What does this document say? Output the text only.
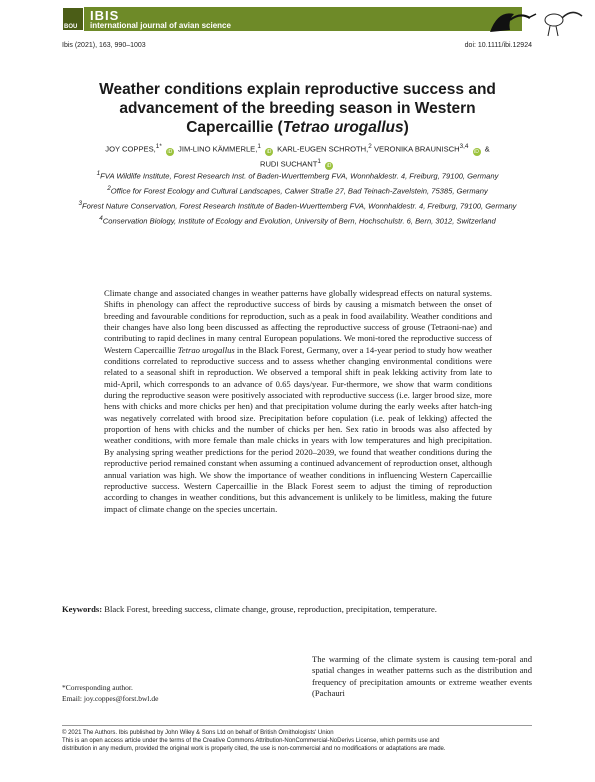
BOU
IBIS
international journal of avian science
Ibis (2021), 163, 990–1003	doi: 10.1111/ibi.12924
Weather conditions explain reproductive success and
advancement of the breeding season in Western
Capercaillie (Tetrao urogallus)
JOY COPPES,$^{1*}$ iD JIM-LINO KÄMMERLE,$^1$ iD KARL-EUGEN SCHROTH,$^2$ VERONIKA BRAUNISCH$^{3,4}$ iD &
RUDI SUCHANT$^1$ iD
$^1$FVA Wildlife Institute, Forest Research Inst. of Baden-Wuerttemberg FVA, Wonnhaldestr. 4, Freiburg, 79100, Germany
$^2$Office for Forest Ecology and Cultural Landscapes, Calwer Straße 27, Bad Teinach-Zavelstein, 75385, Germany
$^3$Forest Nature Conservation, Forest Research Institute of Baden-Wuerttemberg FVA, Wonnhaldestr. 4, Freiburg, 79100, Germany
$^4$Conservation Biology, Institute of Ecology and Evolution, University of Bern, Hochschulstr. 6, Bern, 3012, Switzerland
Climate change and associated changes in weather patterns have globally widespread effects on natural systems. Shifts in phenology can affect the reproductive success of birds by causing a mismatch between the onset of breeding and favourable conditions for reproduction, such as a peak in food availability. Weather conditions and their changes have also long been discussed as affecting the reproductive success of grouse (Tetraoni-nae) and contributing to rapid declines in many central European populations. We moni-tored the reproductive success of Western Capercaillie Tetrao urogallus in the Black Forest, Germany, over a 14-year period to study how weather conditions correlated to reproductive success and to assess whether changing environmental conditions were related to a seasonal shift in reproduction. We observed a temporal shift in peak lekking activity from late to mid-April, which corresponds to an advance of 0.65 days/year. Fur-thermore, we show that warm conditions during the reproductive season were positively associated with reproductive success (i.e. larger brood size, more hens with chicks and more chicks per hen) and that precipitation volume during the early weeks after hatch-ing was negatively correlated with brood size. Precipitation before copulation (i.e. peak of lekking) affected the proportion of hens with chicks and the number of chicks per hen. Sex ratio in broods was also affected by weather conditions, with more female than male chicks in years with low temperatures and high precipitation. By analysing spring weather predictions for the period 2020–2039, we found that weather conditions during the reproductive period remained constant when assuming a continued advancement of reproduction onset, although annual variation was high. We show the importance of weather conditions in influencing Western Capercaillie reproductive success. Western Capercaillie in the Black Forest seem to adjust the timing of reproduction according to changes in weather conditions, but this advancement is unlikely to be limitless, making the future impact of climate change on the species uncertain.
Keywords: Black Forest, breeding success, climate change, grouse, reproduction, precipitation, temperature.
The warming of the climate system is causing tem-poral and spatial changes in weather patterns such as the distribution and frequency of precipitation amounts or extreme weather events (Pachauri
*Corresponding author.
Email: joy.coppes@forst.bwl.de
© 2021 The Authors. Ibis published by John Wiley & Sons Ltd on behalf of British Ornithologists' Union
This is an open access article under the terms of the Creative Commons Attribution-NonCommercial-NoDerivs License, which permits use and
distribution in any medium, provided the original work is properly cited, the use is non-commercial and no modifications or adaptations are made.
